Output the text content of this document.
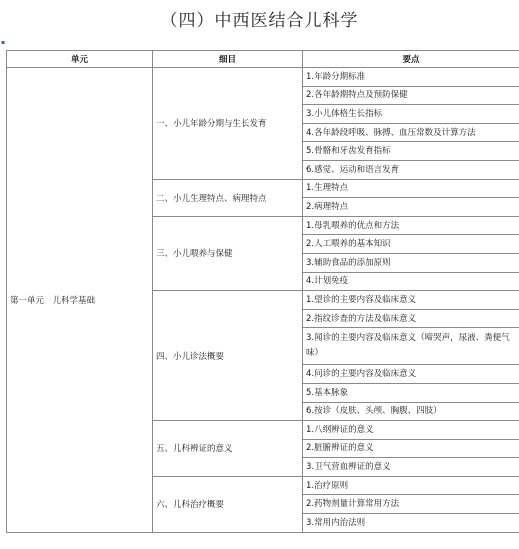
（四）中西医结合儿科学
▪
单元	细目	要点
第一单元　儿科学基础	一、小儿年龄分期与生长发育	1.年龄分期标准
		2.各年龄期特点及预防保健
		3.小儿体格生长指标
		4.各年龄段呼吸、脉搏、血压常数及计算方法
		5.骨骼和牙齿发育指标
		6.感觉、运动和语言发育
	二、小儿生理特点、病理特点	1.生理特点
		2.病理特点
	三、小儿喂养与保健	1.母乳喂养的优点和方法
		2.人工喂养的基本知识
		3.辅助食品的添加原则
		4.计划免疫
	四、小儿诊法概要	1.望诊的主要内容及临床意义
		2.指纹诊查的方法及临床意义
		3.闻诊的主要内容及临床意义（啼哭声，尿液、粪便气味）
		4.问诊的主要内容及临床意义
		5.基本脉象
		6.按诊（皮肤、头颅、胸腹、四肢）
	五、儿科辨证的意义	1.八纲辨证的意义
		2.脏腑辨证的意义
		3.卫气营血辨证的意义
	六、儿科治疗概要	1.治疗原则
		2.药物剂量计算常用方法
		3.常用内治法则
